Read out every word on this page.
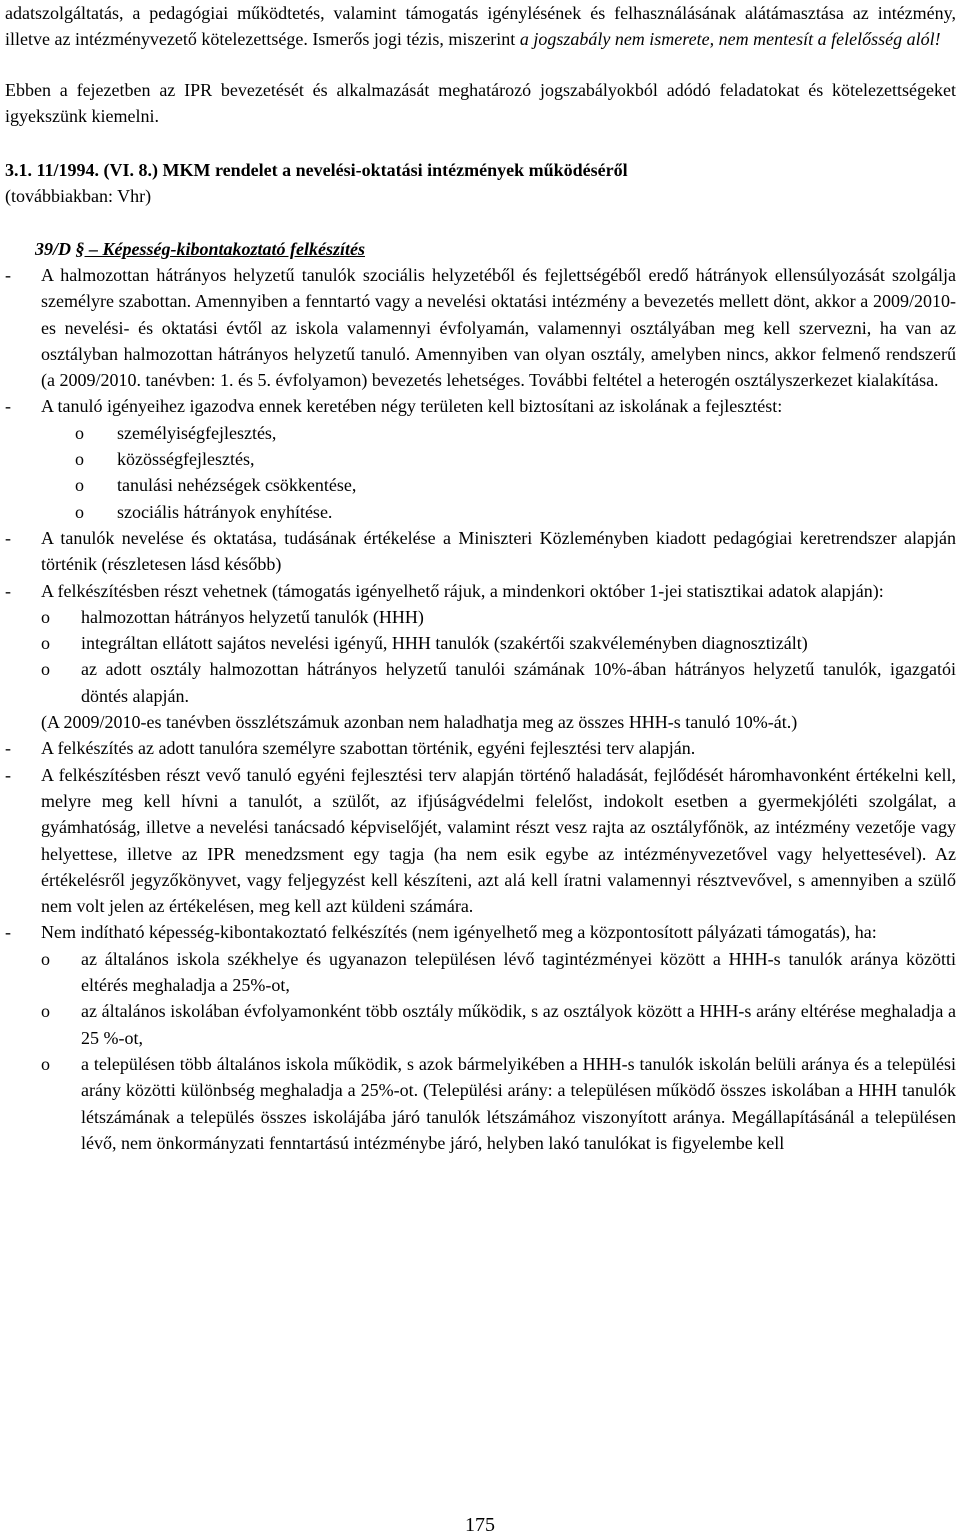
adatszolgáltatás, a pedagógiai működtetés, valamint támogatás igénylésének és felhasználásának alátámasztása az intézmény, illetve az intézményvezető kötelezettsége. Ismerős jogi tézis, miszerint a jogszabály nem ismerete, nem mentesít a felelősség alól!
Ebben a fejezetben az IPR bevezetését és alkalmazását meghatározó jogszabályokból adódó feladatokat és kötelezettségeket igyekszünk kiemelni.
3.1. 11/1994. (VI. 8.) MKM rendelet a nevelési-oktatási intézmények működéséről
(továbbiakban: Vhr)
39/D § – Képesség-kibontakoztató felkészítés
-	A halmozottan hátrányos helyzetű tanulók szociális helyzetéből és fejlettségéből eredő hátrányok ellensúlyozását szolgálja személyre szabottan. Amennyiben a fenntartó vagy a nevelési oktatási intézmény a bevezetés mellett dönt, akkor a 2009/2010-es nevelési- és oktatási évtől az iskola valamennyi évfolyamán, valamennyi osztályában meg kell szervezni, ha van az osztályban halmozottan hátrányos helyzetű tanuló. Amennyiben van olyan osztály, amelyben nincs, akkor felmenő rendszerű (a 2009/2010. tanévben: 1. és 5. évfolyamon) bevezetés lehetséges. További feltétel a heterogén osztályszerkezet kialakítása.
-	A tanuló igényeihez igazodva ennek keretében négy területen kell biztosítani az iskolának a fejlesztést:
o	személyiségfejlesztés,
o	közösségfejlesztés,
o	tanulási nehézségek csökkentése,
o	szociális hátrányok enyhítése.
-	A tanulók nevelése és oktatása, tudásának értékelése a Miniszteri Közleményben kiadott pedagógiai keretrendszer alapján történik (részletesen lásd később)
-	A felkészítésben részt vehetnek (támogatás igényelhető rájuk, a mindenkori október 1-jei statisztikai adatok alapján):
o	halmozottan hátrányos helyzetű tanulók (HHH)
o	integráltan ellátott sajátos nevelési igényű, HHH tanulók (szakértői szakvéleményben diagnosztizált)
o	az adott osztály halmozottan hátrányos helyzetű tanulói számának 10%-ában hátrányos helyzetű tanulók, igazgatói döntés alapján.
(A 2009/2010-es tanévben összlétszámuk azonban nem haladhatja meg az összes HHH-s tanuló 10%-át.)
-	A felkészítés az adott tanulóra személyre szabottan történik, egyéni fejlesztési terv alapján.
-	A felkészítésben részt vevő tanuló egyéni fejlesztési terv alapján történő haladását, fejlődését háromhavonként értékelni kell, melyre meg kell hívni a tanulót, a szülőt, az ifjúságvédelmi felelőst, indokolt esetben a gyermekjóléti szolgálat, a gyámhatóság, illetve a nevelési tanácsadó képviselőjét, valamint részt vesz rajta az osztályfőnök, az intézmény vezetője vagy helyettese, illetve az IPR menedzsment egy tagja (ha nem esik egybe az intézményvezetővel vagy helyettesével). Az értékelésről jegyzőkönyvet, vagy feljegyzést kell készíteni, azt alá kell íratni valamennyi résztvevővel, s amennyiben a szülő nem volt jelen az értékelésen, meg kell azt küldeni számára.
-	Nem indítható képesség-kibontakoztató felkészítés (nem igényelhető meg a központosított pályázati támogatás), ha:
o	az általános iskola székhelye és ugyanazon településen lévő tagintézményei között a HHH-s tanulók aránya közötti eltérés meghaladja a 25%-ot,
o	az általános iskolában évfolyamonként több osztály működik, s az osztályok között a HHH-s arány eltérése meghaladja a 25 %-ot,
o	a településen több általános iskola működik, s azok bármelyikében a HHH-s tanulók iskolán belüli aránya és a települési arány közötti különbség meghaladja a 25%-ot. (Települési arány: a településen működő összes iskolában a HHH tanulók létszámának a település összes iskolájába járó tanulók létszámához viszonyított aránya. Megállapításánál a településen lévő, nem önkormányzati fenntartású intézménybe járó, helyben lakó tanulókat is figyelembe kell
175
